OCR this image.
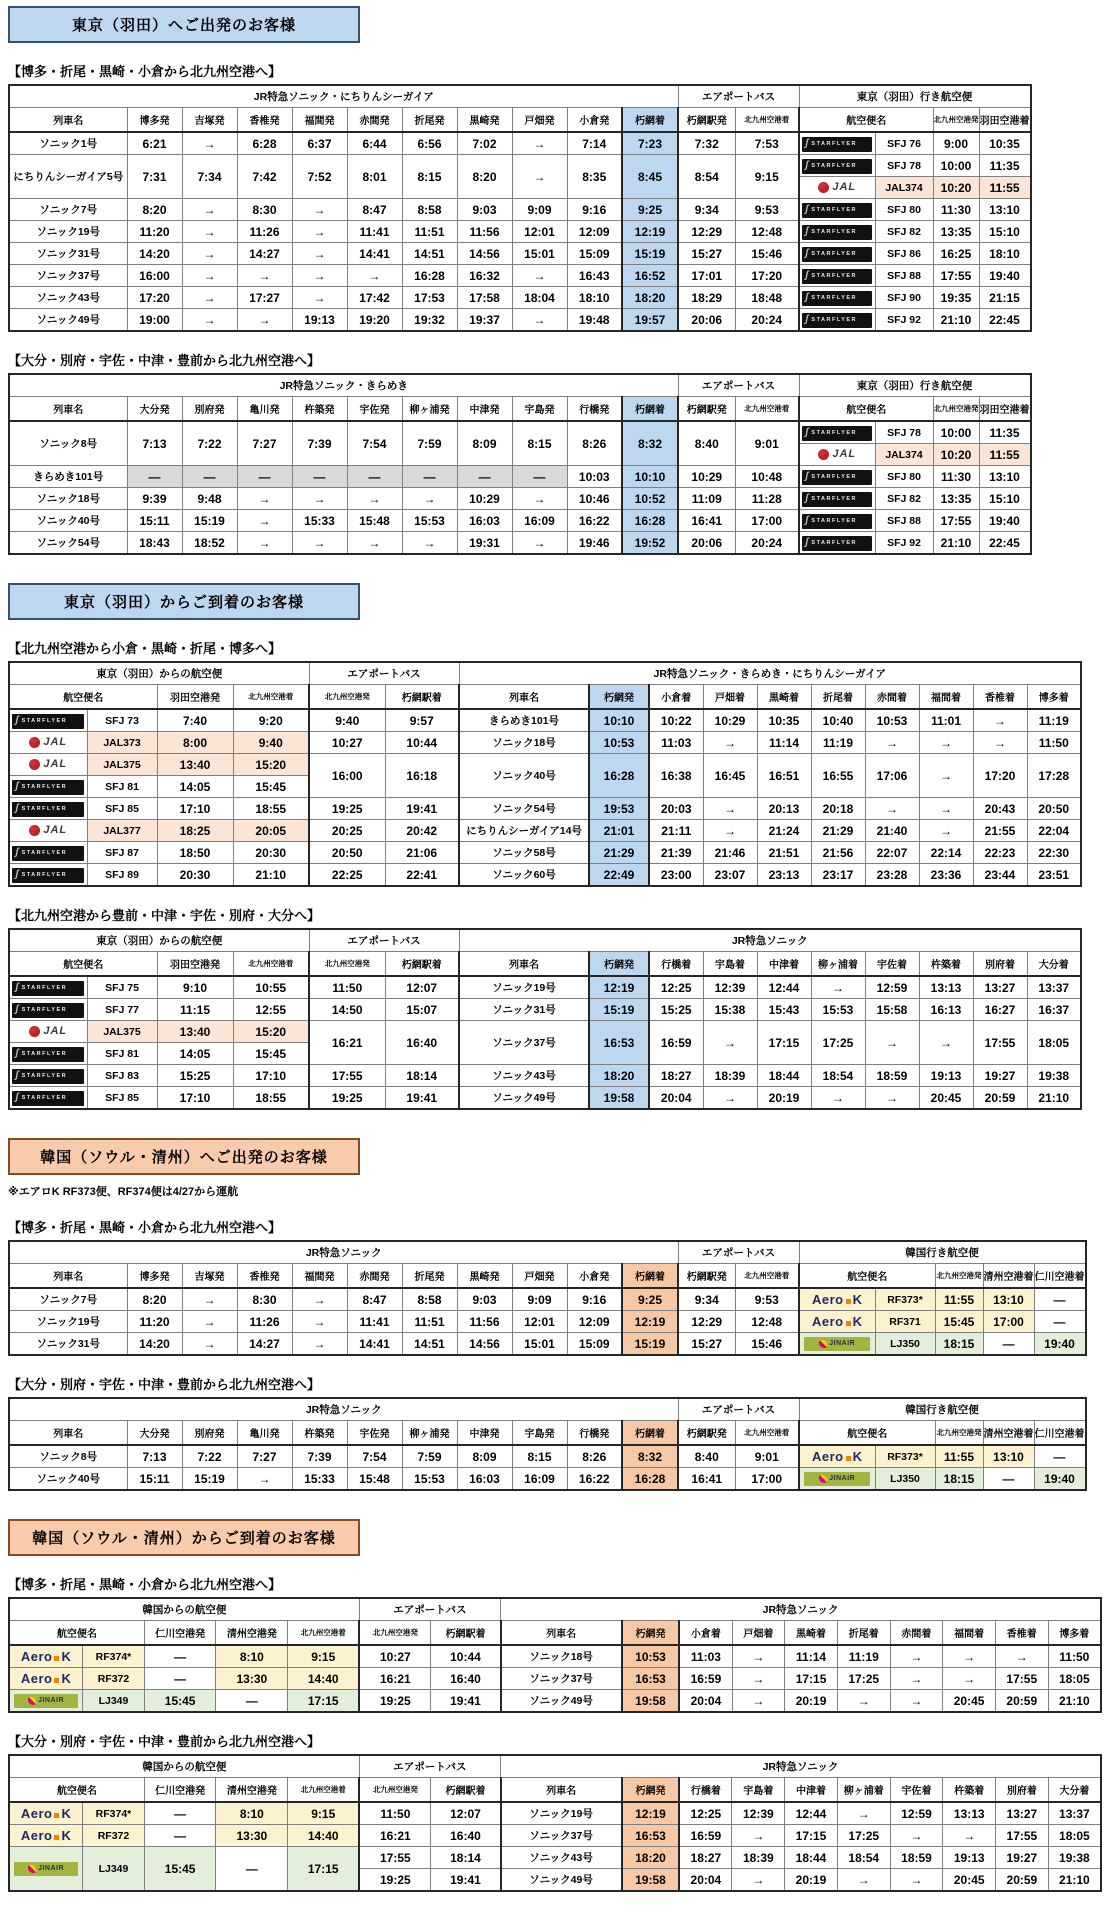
東京（羽田）へご出発のお客様
【博多・折尾・黒崎・小倉から北九州空港へ】
JR特急ソニック・にちりんシーガイア											エアポートバス		東京（羽田）行き航空便			
列車名	博多発	吉塚発	香椎発	福間発	赤間発	折尾発	黒崎発	戸畑発	小倉発	朽網着	朽網駅発	北九州空港着	航空便名		北九州空港発	羽田空港着
ソニック1号	6:21	→	6:28	6:37	6:44	6:56	7:02	→	7:14	7:23	7:32	7:53	ʃ STARFLYER	SFJ 76	9:00	10:35
にちりんシーガイア5号	7:31	7:34	7:42	7:52	8:01	8:15	8:20	→	8:35	8:45	8:54	9:15	ʃ STARFLYER	SFJ 78	10:00	11:35

													JAL	JAL374	10:20	11:55
ソニック7号	8:20	→	8:30	→	8:47	8:58	9:03	9:09	9:16	9:25	9:34	9:53	ʃ STARFLYER	SFJ 80	11:30	13:10
ソニック19号	11:20	→	11:26	→	11:41	11:51	11:56	12:01	12:09	12:19	12:29	12:48	ʃ STARFLYER	SFJ 82	13:35	15:10
ソニック31号	14:20	→	14:27	→	14:41	14:51	14:56	15:01	15:09	15:19	15:27	15:46	ʃ STARFLYER	SFJ 86	16:25	18:10
ソニック37号	16:00	→	→	→	→	16:28	16:32	→	16:43	16:52	17:01	17:20	ʃ STARFLYER	SFJ 88	17:55	19:40
ソニック43号	17:20	→	17:27	→	17:42	17:53	17:58	18:04	18:10	18:20	18:29	18:48	ʃ STARFLYER	SFJ 90	19:35	21:15
ソニック49号	19:00	→	→	19:13	19:20	19:32	19:37	→	19:48	19:57	20:06	20:24	ʃ STARFLYER	SFJ 92	21:10	22:45
【大分・別府・宇佐・中津・豊前から北九州空港へ】
JR特急ソニック・きらめき											エアポートバス		東京（羽田）行き航空便			
列車名	大分発	別府発	亀川発	杵築発	宇佐発	柳ヶ浦発	中津発	宇島発	行橋発	朽網着	朽網駅発	北九州空港着	航空便名		北九州空港発	羽田空港着
ソニック8号	7:13	7:22	7:27	7:39	7:54	7:59	8:09	8:15	8:26	8:32	8:40	9:01	ʃ STARFLYER	SFJ 78	10:00	11:35

													JAL	JAL374	10:20	11:55
きらめき101号	—	—	—	—	—	—	—	—	10:03	10:10	10:29	10:48	ʃ STARFLYER	SFJ 80	11:30	13:10
ソニック18号	9:39	9:48	→	→	→	→	10:29	→	10:46	10:52	11:09	11:28	ʃ STARFLYER	SFJ 82	13:35	15:10
ソニック40号	15:11	15:19	→	15:33	15:48	15:53	16:03	16:09	16:22	16:28	16:41	17:00	ʃ STARFLYER	SFJ 88	17:55	19:40
ソニック54号	18:43	18:52	→	→	→	→	19:31	→	19:46	19:52	20:06	20:24	ʃ STARFLYER	SFJ 92	21:10	22:45
東京（羽田）からご到着のお客様
【北九州空港から小倉・黒崎・折尾・博多へ】
東京（羽田）からの航空便				エアポートバス		JR特急ソニック・きらめき・にちりんシーガイア									
航空便名		羽田空港発	北九州空港着	北九州空港発	朽網駅着	列車名	朽網発	小倉着	戸畑着	黒崎着	折尾着	赤間着	福間着	香椎着	博多着

ʃ STARFLYER	SFJ 73	7:40	9:20	9:40	9:57	きらめき101号	10:10	10:22	10:29	10:35	10:40	10:53	11:01	→	11:19

JAL	JAL373	8:00	9:40	10:27	10:44	ソニック18号	10:53	11:03	→	11:14	11:19	→	→	→	11:50

JAL	JAL375	13:40	15:20	16:00	16:18	ソニック40号	16:28	16:38	16:45	16:51	16:55	17:06	→	17:20	17:28

ʃ STARFLYER	SFJ 81	14:05	15:45												

ʃ STARFLYER	SFJ 85	17:10	18:55	19:25	19:41	ソニック54号	19:53	20:03	→	20:13	20:18	→	→	20:43	20:50

JAL	JAL377	18:25	20:05	20:25	20:42	にちりんシーガイア14号	21:01	21:11	→	21:24	21:29	21:40	→	21:55	22:04

ʃ STARFLYER	SFJ 87	18:50	20:30	20:50	21:06	ソニック58号	21:29	21:39	21:46	21:51	21:56	22:07	22:14	22:23	22:30

ʃ STARFLYER	SFJ 89	20:30	21:10	22:25	22:41	ソニック60号	22:49	23:00	23:07	23:13	23:17	23:28	23:36	23:44	23:51
【北九州空港から豊前・中津・宇佐・別府・大分へ】
東京（羽田）からの航空便				エアポートバス		JR特急ソニック									
航空便名		羽田空港発	北九州空港着	北九州空港発	朽網駅着	列車名	朽網発	行橋着	宇島着	中津着	柳ヶ浦着	宇佐着	杵築着	別府着	大分着

ʃ STARFLYER	SFJ 75	9:10	10:55	11:50	12:07	ソニック19号	12:19	12:25	12:39	12:44	→	12:59	13:13	13:27	13:37

ʃ STARFLYER	SFJ 77	11:15	12:55	14:50	15:07	ソニック31号	15:19	15:25	15:38	15:43	15:53	15:58	16:13	16:27	16:37

JAL	JAL375	13:40	15:20	16:21	16:40	ソニック37号	16:53	16:59	→	17:15	17:25	→	→	17:55	18:05

ʃ STARFLYER	SFJ 81	14:05	15:45												

ʃ STARFLYER	SFJ 83	15:25	17:10	17:55	18:14	ソニック43号	18:20	18:27	18:39	18:44	18:54	18:59	19:13	19:27	19:38

ʃ STARFLYER	SFJ 85	17:10	18:55	19:25	19:41	ソニック49号	19:58	20:04	→	20:19	→	→	20:45	20:59	21:10
韓国（ソウル・清州）へご出発のお客様
※エアロK RF373便、RF374便は4/27から運航
【博多・折尾・黒崎・小倉から北九州空港へ】
JR特急ソニック											エアポートバス		韓国行き航空便				
列車名	博多発	吉塚発	香椎発	福間発	赤間発	折尾発	黒崎発	戸畑発	小倉発	朽網着	朽網駅発	北九州空港着	航空便名		北九州空港発	清州空港着	仁川空港着
ソニック7号	8:20	→	8:30	→	8:47	8:58	9:03	9:09	9:16	9:25	9:34	9:53	Aero K	RF373*	11:55	13:10	—
ソニック19号	11:20	→	11:26	→	11:41	11:51	11:56	12:01	12:09	12:19	12:29	12:48	Aero K	RF371	15:45	17:00	—
ソニック31号	14:20	→	14:27	→	14:41	14:51	14:56	15:01	15:09	15:19	15:27	15:46	JINAIR	LJ350	18:15	—	19:40
【大分・別府・宇佐・中津・豊前から北九州空港へ】
JR特急ソニック											エアポートバス		韓国行き航空便				
列車名	大分発	別府発	亀川発	杵築発	宇佐発	柳ヶ浦発	中津発	宇島発	行橋発	朽網着	朽網駅発	北九州空港着	航空便名		北九州空港発	清州空港着	仁川空港着
ソニック8号	7:13	7:22	7:27	7:39	7:54	7:59	8:09	8:15	8:26	8:32	8:40	9:01	Aero K	RF373*	11:55	13:10	—
ソニック40号	15:11	15:19	→	15:33	15:48	15:53	16:03	16:09	16:22	16:28	16:41	17:00	JINAIR	LJ350	18:15	—	19:40
韓国（ソウル・清州）からご到着のお客様
【博多・折尾・黒崎・小倉から北九州空港へ】
韓国からの航空便					エアポートバス		JR特急ソニック									
航空便名		仁川空港発	清州空港発	北九州空港着	北九州空港発	朽網駅着	列車名	朽網発	小倉着	戸畑着	黒崎着	折尾着	赤間着	福間着	香椎着	博多着

Aero K	RF374*	—	8:10	9:15	10:27	10:44	ソニック18号	10:53	11:03	→	11:14	11:19	→	→	→	11:50

Aero K	RF372	—	13:30	14:40	16:21	16:40	ソニック37号	16:53	16:59	→	17:15	17:25	→	→	17:55	18:05

JINAIR	LJ349	15:45	—	17:15	19:25	19:41	ソニック49号	19:58	20:04	→	20:19	→	→	20:45	20:59	21:10
【大分・別府・宇佐・中津・豊前から北九州空港へ】
韓国からの航空便					エアポートバス		JR特急ソニック									
航空便名		仁川空港発	清州空港発	北九州空港着	北九州空港発	朽網駅着	列車名	朽網発	行橋着	宇島着	中津着	柳ヶ浦着	宇佐着	杵築着	別府着	大分着

Aero K	RF374*	—	8:10	9:15	11:50	12:07	ソニック19号	12:19	12:25	12:39	12:44	→	12:59	13:13	13:27	13:37

Aero K	RF372	—	13:30	14:40	16:21	16:40	ソニック37号	16:53	16:59	→	17:15	17:25	→	→	17:55	18:05

JINAIR	LJ349	15:45	—	17:15	17:55	18:14	ソニック43号	18:20	18:27	18:39	18:44	18:54	18:59	19:13	19:27	19:38
					19:25	19:41	ソニック49号	19:58	20:04	→	20:19	→	→	20:45	20:59	21:10
